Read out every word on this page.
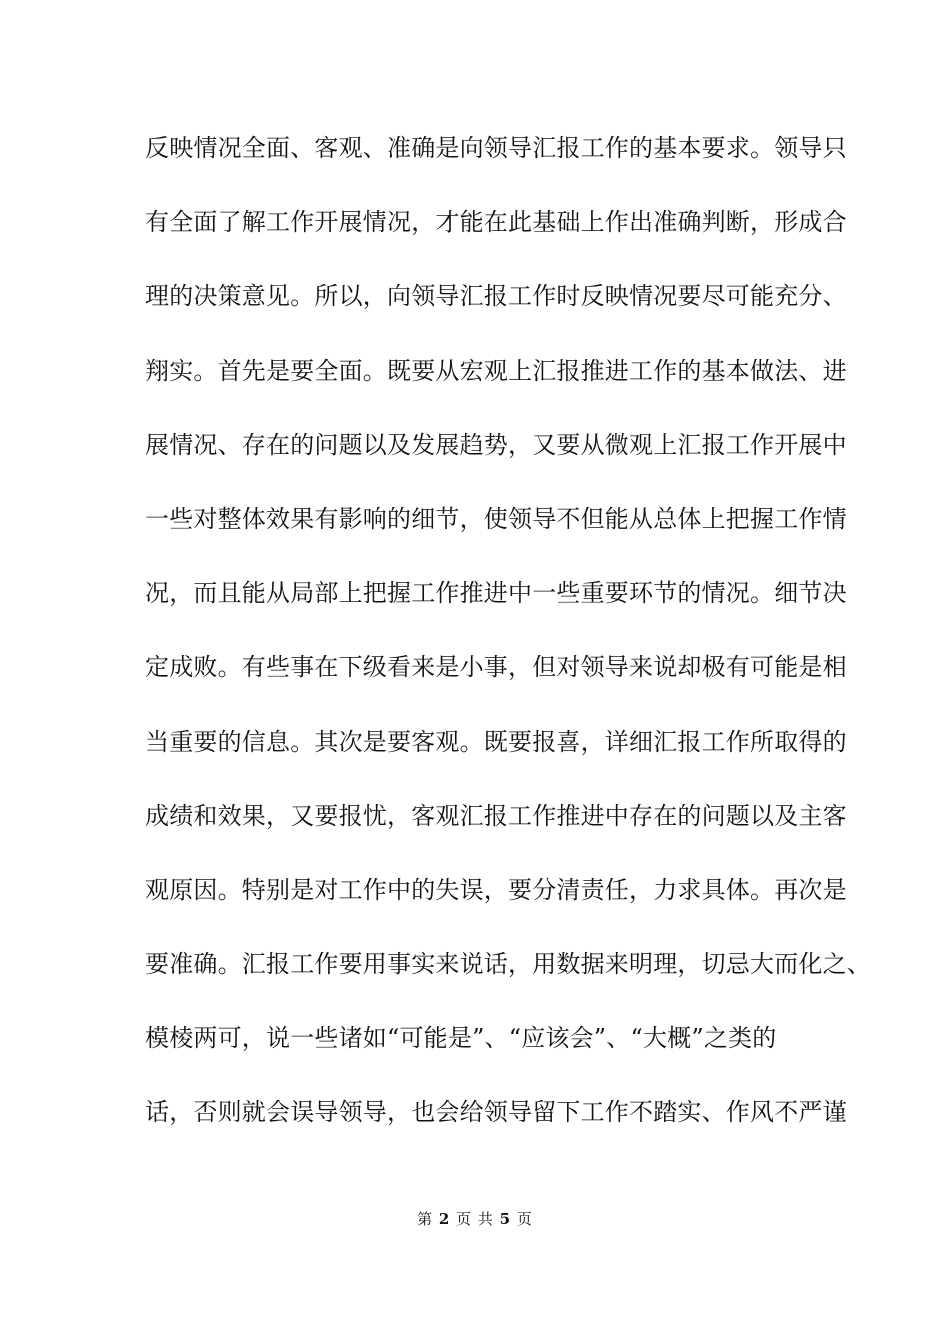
反映情况全面、客观、准确是向领导汇报工作的基本要求。领导只
有全面了解工作开展情况，才能在此基础上作出准确判断，形成合
理的决策意见。所以，向领导汇报工作时反映情况要尽可能充分、
翔实。首先是要全面。既要从宏观上汇报推进工作的基本做法、进
展情况、存在的问题以及发展趋势，又要从微观上汇报工作开展中
一些对整体效果有影响的细节，使领导不但能从总体上把握工作情
况，而且能从局部上把握工作推进中一些重要环节的情况。细节决
定成败。有些事在下级看来是小事，但对领导来说却极有可能是相
当重要的信息。其次是要客观。既要报喜，详细汇报工作所取得的
成绩和效果，又要报忧，客观汇报工作推进中存在的问题以及主客
观原因。特别是对工作中的失误，要分清责任，力求具体。再次是
要准确。汇报工作要用事实来说话，用数据来明理，切忌大而化之、
模棱两可，说一些诸如“可能是”、“应该会”、“大概”之类的
话，否则就会误导领导，也会给领导留下工作不踏实、作风不严谨
第 2 页 共 5 页
